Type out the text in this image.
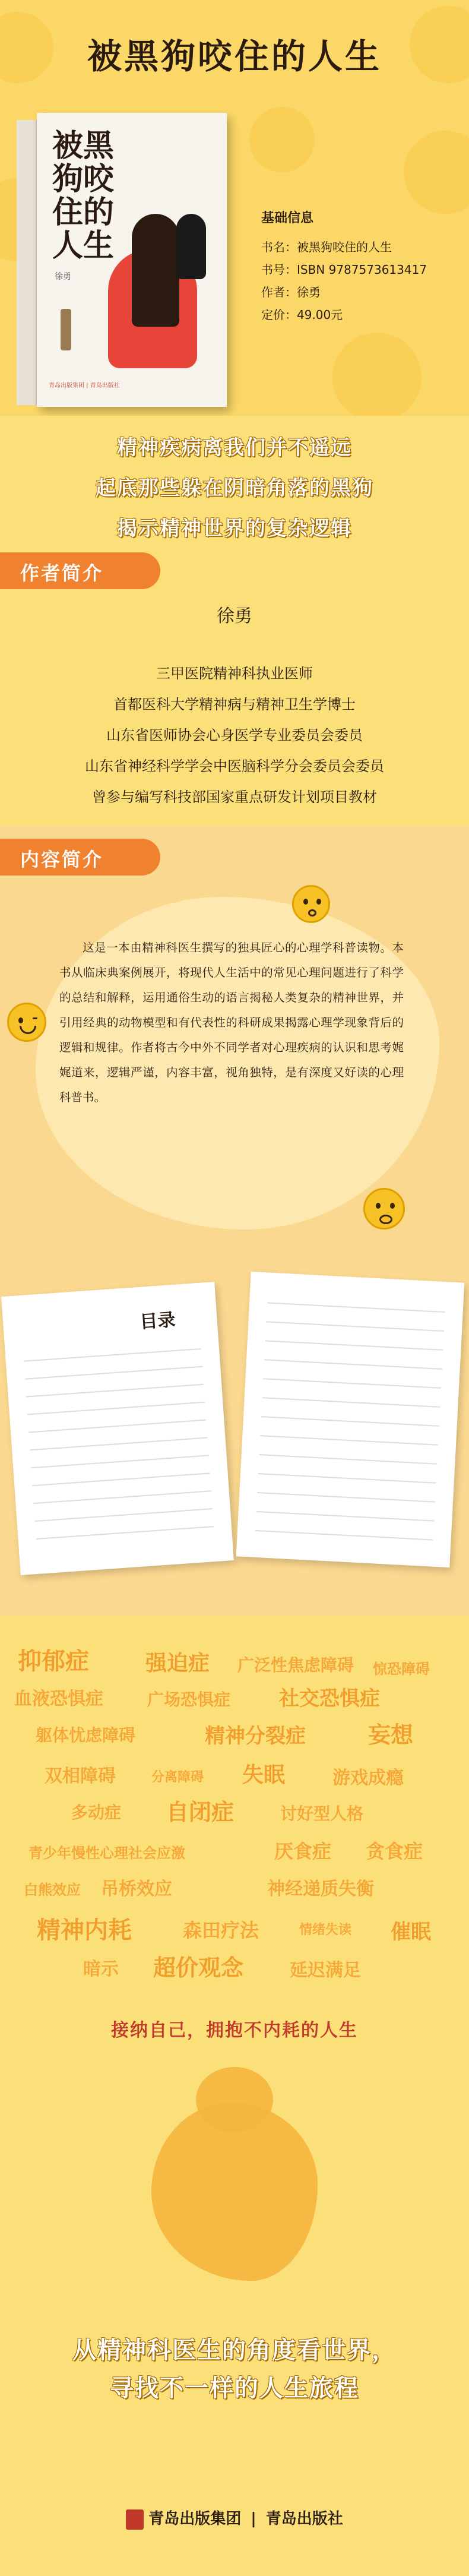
被黑狗咬住的人生
被黑狗咬住的人生
徐勇
青岛出版集团 | 青岛出版社
基础信息
书名：被黑狗咬住的人生
书号：ISBN 9787573613417
作者：徐勇
定价：49.00元
精神疾病离我们并不遥远
起底那些躲在阴暗角落的黑狗
揭示精神世界的复杂逻辑
作者简介
徐勇
三甲医院精神科执业医师
首都医科大学精神病与精神卫生学博士
山东省医师协会心身医学专业委员会委员
山东省神经科学学会中医脑科学分会委员会委员
曾参与编写科技部国家重点研发计划项目教材
内容简介
这是一本由精神科医生撰写的独具匠心的心理学科普读物。本书从临床典案例展开，将现代人生活中的常见心理问题进行了科学的总结和解释，运用通俗生动的语言揭秘人类复杂的精神世界，并引用经典的动物模型和有代表性的科研成果揭露心理学现象背后的逻辑和规律。作者将古今中外不同学者对心理疾病的认识和思考娓娓道来，逻辑严谨，内容丰富，视角独特，是有深度又好读的心理科普书。
目录
接纳自己，拥抱不内耗的人生
从精神科医生的角度看世界，
寻找不一样的人生旅程
青岛出版集团 | 青岛出版社
抑郁症	强迫症 广泛性焦虑障碍 惊恐障碍
血液恐惧症	广场恐惧症 社交恐惧症
躯体忧虑障碍	精神分裂症	妄想
双相障碍	分离障碍 失眠	游戏成瘾
多动症 自闭症	讨好型人格
青少年慢性心理社会应激	厌食症 贪食症
白熊效应 吊桥效应	神经递质失衡
精神内耗	森田疗法	情绪失读 催眠
暗示 超价观念	延迟满足
